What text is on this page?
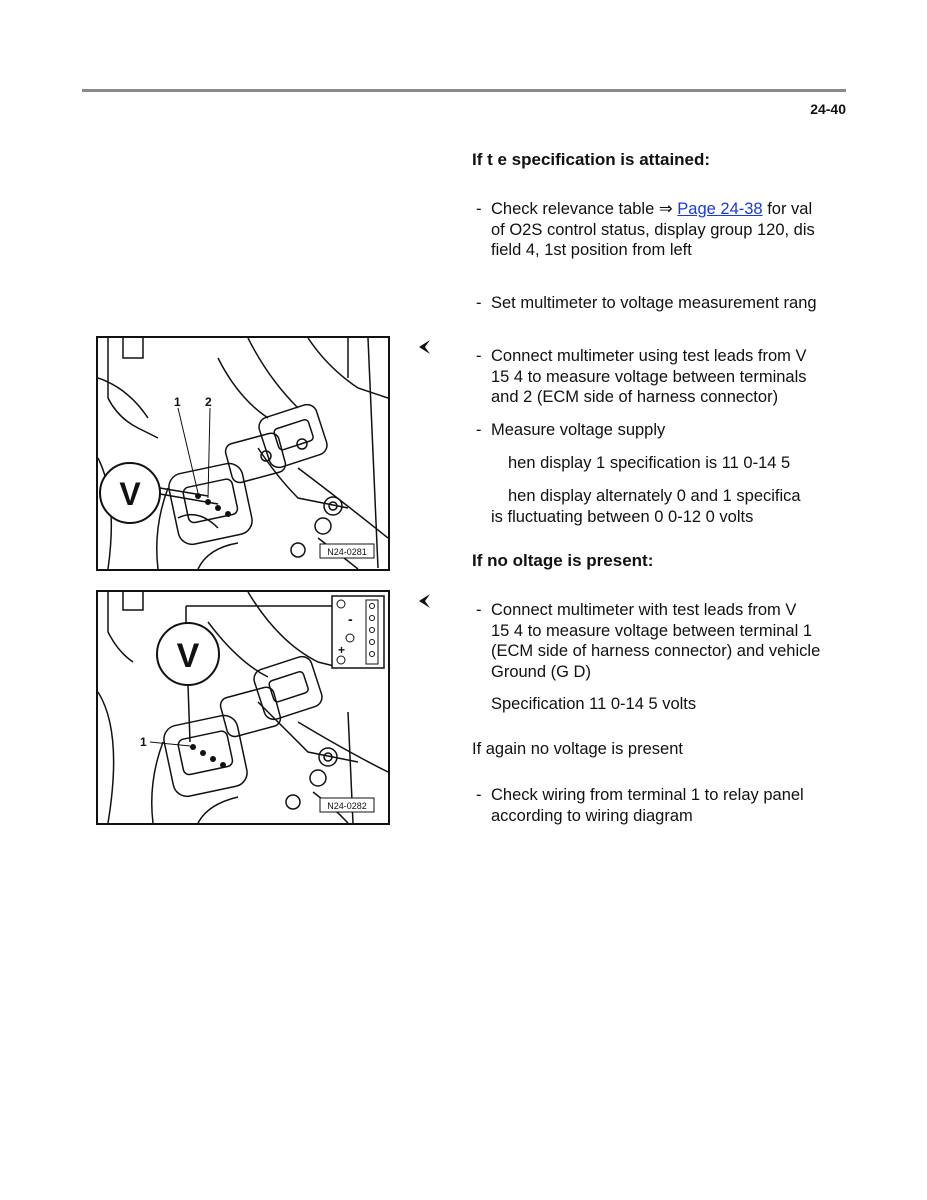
24-40
If t e specification is attained:
- Check relevance table ⇒ Page 24-38 for val
of O2S control status, display group 120, dis
field 4, 1st position from left
- Set multimeter to voltage measurement rang
- Connect multimeter using test leads from V
15 4 to measure voltage between terminals
and 2 (ECM side of harness connector)
- Measure voltage supply
hen display 1 specification is 11 0-14 5
hen display alternately 0 and 1 specifica
is fluctuating between 0 0-12 0 volts
If no oltage is present:
- Connect multimeter with test leads from V
15 4 to measure voltage between terminal 1
(ECM side of harness connector) and vehicle
Ground (G D)
Specification 11 0-14 5 volts
If again no voltage is present
- Check wiring from terminal 1 to relay panel
according to wiring diagram
V
1 2
N24-0281
-
+
V
1
N24-0282
